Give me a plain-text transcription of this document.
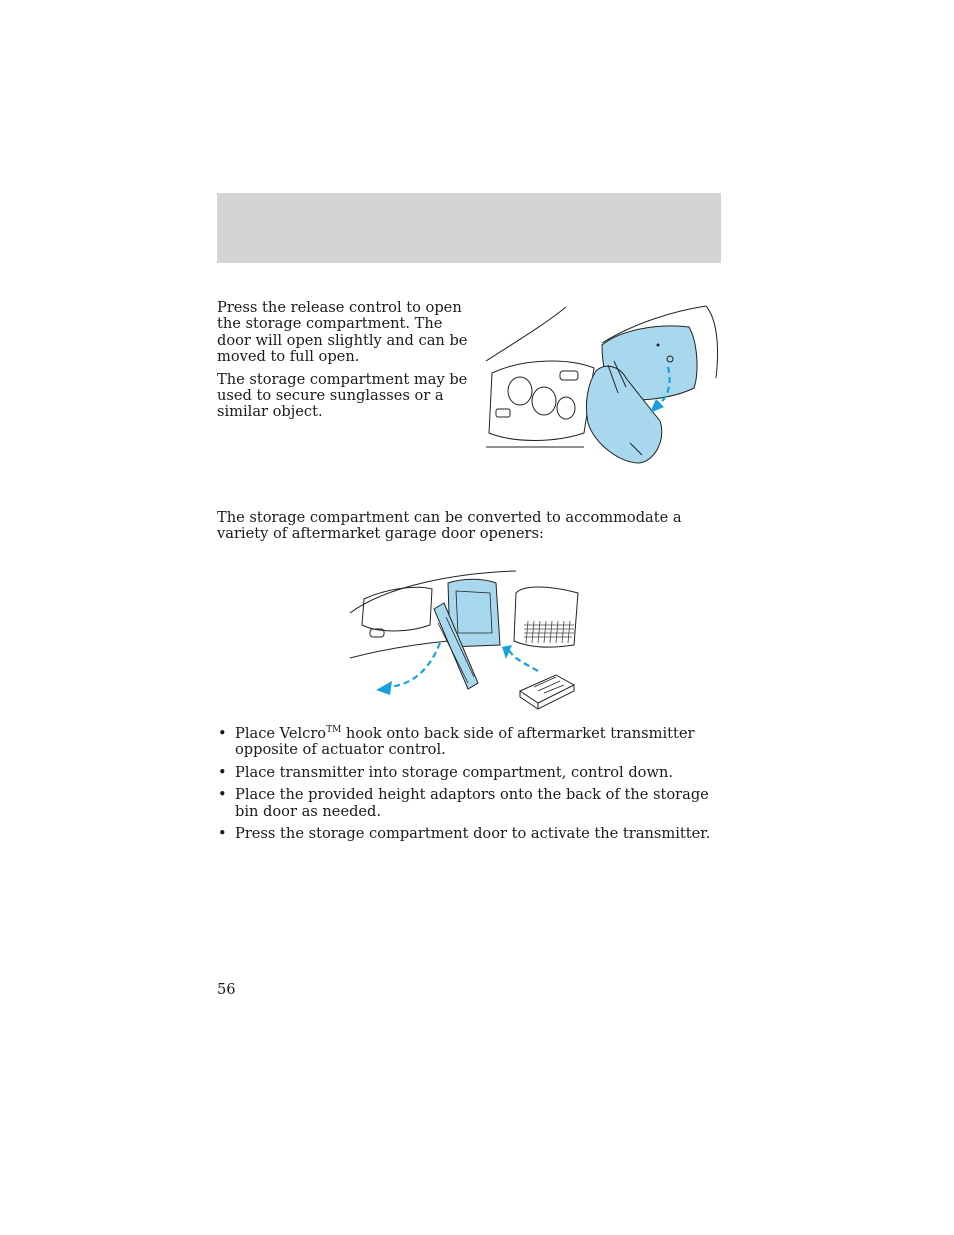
Press the release control to open the storage compartment. The door will open slightly and can be moved to full open.

The storage compartment may be used to secure sunglasses or a similar object.

The storage compartment can be converted to accommodate a variety of aftermarket garage door openers:

• Place Velcro™ hook onto back side of aftermarket transmitter opposite of actuator control.
• Place transmitter into storage compartment, control down.
• Place the provided height adaptors onto the back of the storage bin door as needed.
• Press the storage compartment door to activate the transmitter.

56
